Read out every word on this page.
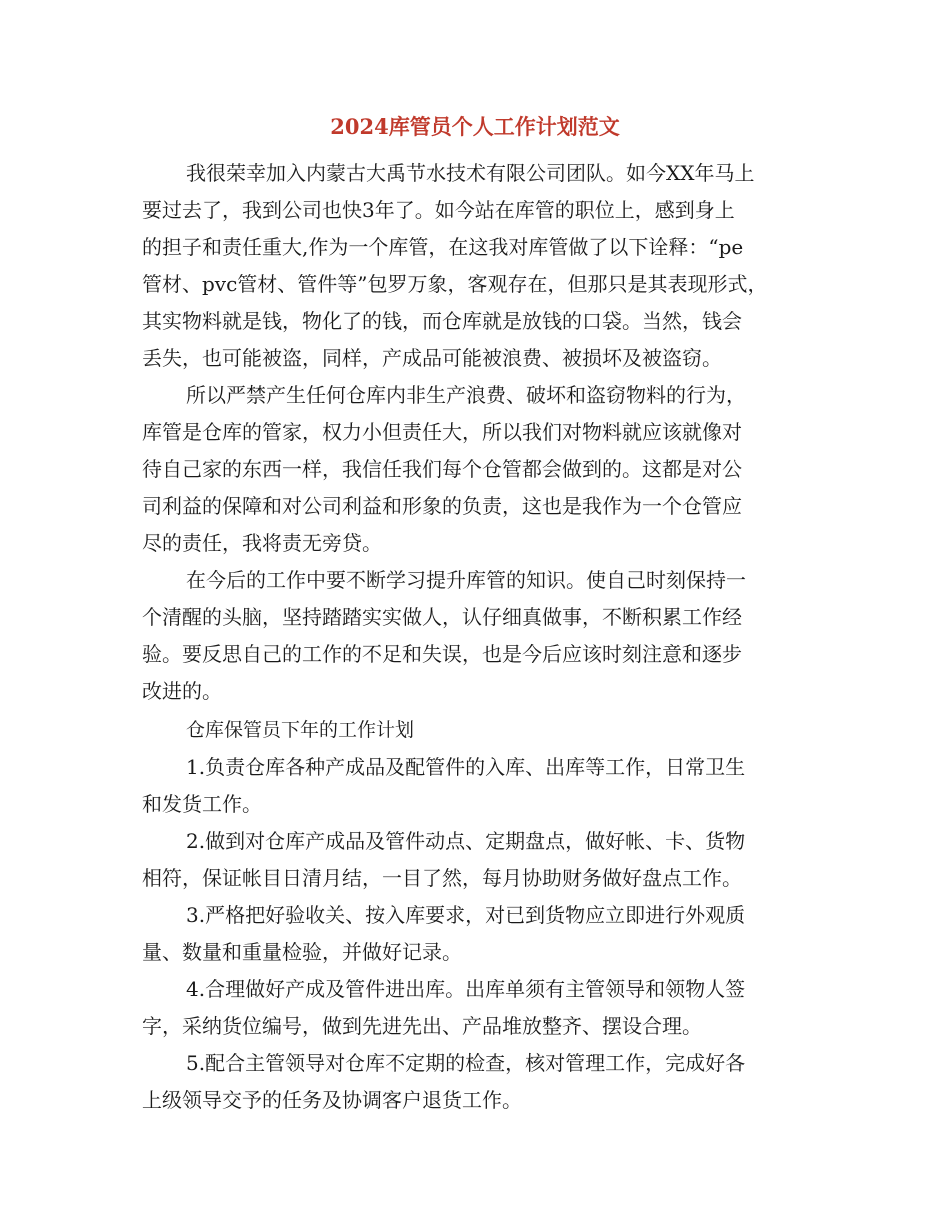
2024库管员个人工作计划范文

我很荣幸加入内蒙古大禹节水技术有限公司团队。如今XX年马上

要过去了，我到公司也快3年了。如今站在库管的职位上，感到身上

的担子和责任重大,作为一个库管，在这我对库管做了以下诠释：“pe

管材、pvc管材、管件等”包罗万象，客观存在，但那只是其表现形式，

其实物料就是钱，物化了的钱，而仓库就是放钱的口袋。当然，钱会

丢失，也可能被盗，同样，产成品可能被浪费、被损坏及被盗窃。

所以严禁产生任何仓库内非生产浪费、破坏和盗窃物料的行为，

库管是仓库的管家，权力小但责任大，所以我们对物料就应该就像对

待自己家的东西一样，我信任我们每个仓管都会做到的。这都是对公

司利益的保障和对公司利益和形象的负责，这也是我作为一个仓管应

尽的责任，我将责无旁贷。

在今后的工作中要不断学习提升库管的知识。使自己时刻保持一

个清醒的头脑，坚持踏踏实实做人，认仔细真做事，不断积累工作经

验。要反思自己的工作的不足和失误，也是今后应该时刻注意和逐步

改进的。

仓库保管员下年的工作计划

1.负责仓库各种产成品及配管件的入库、出库等工作，日常卫生

和发货工作。

2.做到对仓库产成品及管件动点、定期盘点，做好帐、卡、货物

相符，保证帐目日清月结，一目了然，每月协助财务做好盘点工作。

3.严格把好验收关、按入库要求，对已到货物应立即进行外观质

量、数量和重量检验，并做好记录。

4.合理做好产成及管件进出库。出库单须有主管领导和领物人签

字，采纳货位编号，做到先进先出、产品堆放整齐、摆设合理。

5.配合主管领导对仓库不定期的检查，核对管理工作，完成好各

上级领导交予的任务及协调客户退货工作。
